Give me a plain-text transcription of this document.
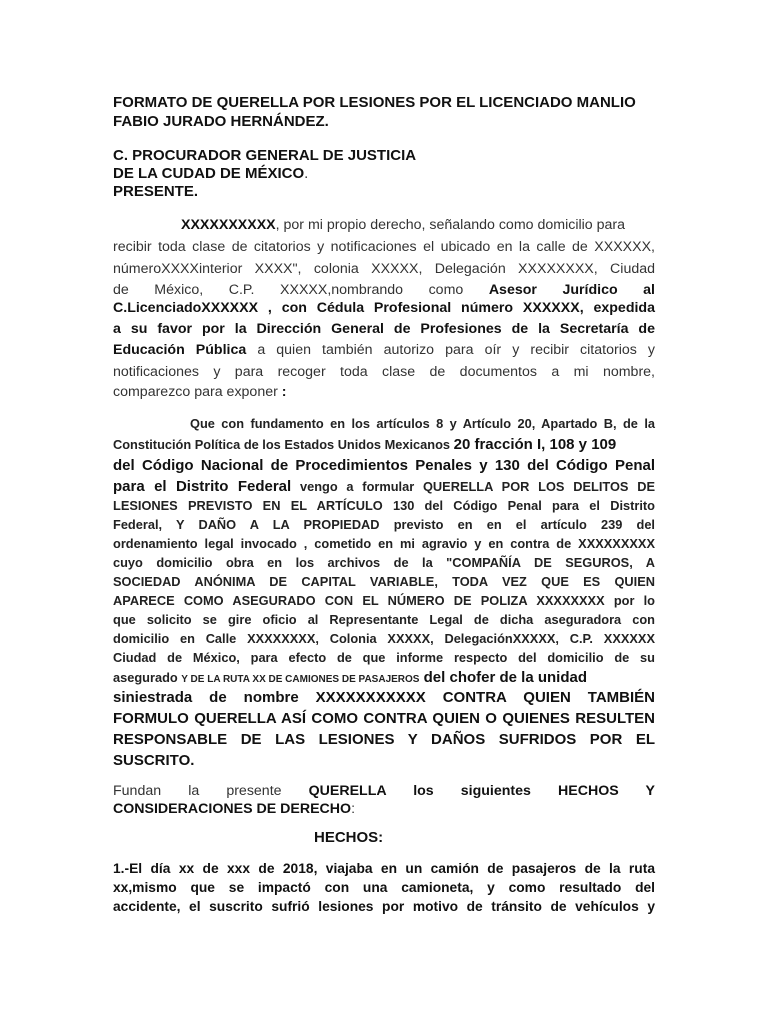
FORMATO DE QUERELLA POR LESIONES POR EL LICENCIADO MANLIO
FABIO JURADO HERNÁNDEZ.
C. PROCURADOR GENERAL DE JUSTICIA
DE LA CUDAD DE MÉXICO.
PRESENTE.
XXXXXXXXXX, por mi propio derecho, señalando como domicilio para
recibir toda clase de citatorios y notificaciones el ubicado en la calle de XXXXXX,
númeroXXXXinterior XXXX", colonia XXXXX, Delegación XXXXXXXX, Ciudad
de México, C.P. XXXXX,nombrando como Asesor Jurídico al
C.LicenciadoXXXXXX , con Cédula Profesional número XXXXXX, expedida
a su favor por la Dirección General de Profesiones de la Secretaría de
Educación Pública a quien también autorizo para oír y recibir citatorios y
notificaciones y para recoger toda clase de documentos a mi nombre,
comparezco para exponer :
Que con fundamento en los artículos 8 y Artículo 20, Apartado B, de la
Constitución Política de los Estados Unidos Mexicanos 20 fracción I, 108 y 109
del Código Nacional de Procedimientos Penales y 130 del Código Penal
para el Distrito Federal vengo a formular QUERELLA POR LOS DELITOS DE
LESIONES PREVISTO EN EL ARTÍCULO 130 del Código Penal para el Distrito
Federal, Y DAÑO A LA PROPIEDAD previsto en en el artículo 239 del
ordenamiento legal invocado , cometido en mi agravio y en contra de XXXXXXXXX
cuyo domicilio obra en los archivos de la "COMPAÑÍA DE SEGUROS, A
SOCIEDAD ANÓNIMA DE CAPITAL VARIABLE, TODA VEZ QUE ES QUIEN
APARECE COMO ASEGURADO CON EL NÚMERO DE POLIZA XXXXXXXX por lo
que solicito se gire oficio al Representante Legal de dicha aseguradora con
domicilio en Calle XXXXXXXX, Colonia XXXXX, DelegaciónXXXXX, C.P. XXXXXX
Ciudad de México, para efecto de que informe respecto del domicilio de su
asegurado Y DE LA RUTA XX DE CAMIONES DE PASAJEROS del chofer de la unidad
siniestrada de nombre XXXXXXXXXXX CONTRA QUIEN TAMBIÉN
FORMULO QUERELLA ASÍ COMO CONTRA QUIEN O QUIENES RESULTEN
RESPONSABLE DE LAS LESIONES Y DAÑOS SUFRIDOS POR EL
SUSCRITO.
Fundan la presente QUERELLA los siguientes HECHOS Y
CONSIDERACIONES DE DERECHO:
HECHOS:
1.-El día xx de xxx de 2018, viajaba en un camión de pasajeros de la ruta
xx,mismo que se impactó con una camioneta, y como resultado del
accidente, el suscrito sufrió lesiones por motivo de tránsito de vehículos y
